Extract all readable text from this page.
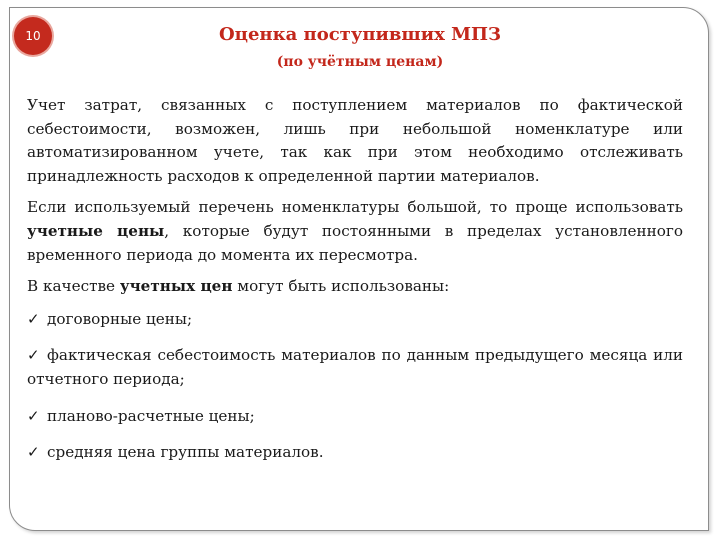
10	Оценка поступивших МПЗ
(по учётным ценам)

Учет затрат, связанных с поступлением материалов по фактической себестоимости, возможен, лишь при небольшой номенклатуре или автоматизированном учете, так как при этом необходимо отслеживать принадлежность расходов к определенной партии материалов.

Если используемый перечень номенклатуры большой, то проще использовать учетные цены, которые будут постоянными в пределах установленного временного периода до момента их пересмотра.

В качестве учетных цен могут быть использованы:

✓ договорные цены;

✓ фактическая себестоимость материалов по данным предыдущего месяца или отчетного периода;

✓ планово-расчетные цены;

✓ средняя цена группы материалов.
